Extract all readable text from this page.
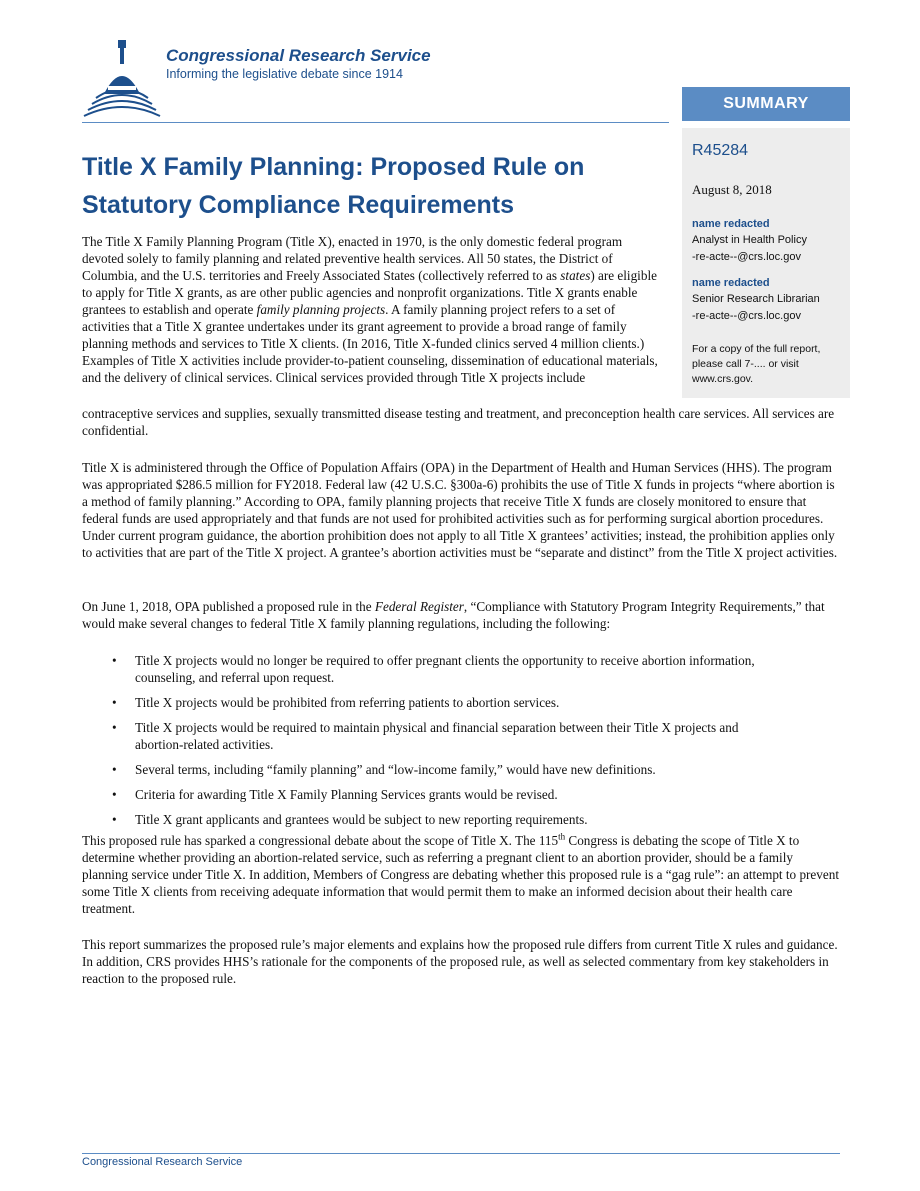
Congressional Research Service
Informing the legislative debate since 1914
SUMMARY
R45284
August 8, 2018
name redacted
Analyst in Health Policy
-re-acte--@crs.loc.gov
name redacted
Senior Research Librarian
-re-acte--@crs.loc.gov
For a copy of the full report, please call 7-.... or visit www.crs.gov.
Title X Family Planning: Proposed Rule on Statutory Compliance Requirements
The Title X Family Planning Program (Title X), enacted in 1970, is the only domestic federal program devoted solely to family planning and related preventive health services. All 50 states, the District of Columbia, and the U.S. territories and Freely Associated States (collectively referred to as states) are eligible to apply for Title X grants, as are other public agencies and nonprofit organizations. Title X grants enable grantees to establish and operate family planning projects. A family planning project refers to a set of activities that a Title X grantee undertakes under its grant agreement to provide a broad range of family planning methods and services to Title X clients. (In 2016, Title X-funded clinics served 4 million clients.) Examples of Title X activities include provider-to-patient counseling, dissemination of educational materials, and the delivery of clinical services. Clinical services provided through Title X projects include
contraceptive services and supplies, sexually transmitted disease testing and treatment, and preconception health care services. All services are confidential.
Title X is administered through the Office of Population Affairs (OPA) in the Department of Health and Human Services (HHS). The program was appropriated $286.5 million for FY2018. Federal law (42 U.S.C. §300a-6) prohibits the use of Title X funds in projects “where abortion is a method of family planning.” According to OPA, family planning projects that receive Title X funds are closely monitored to ensure that federal funds are used appropriately and that funds are not used for prohibited activities such as for performing surgical abortion procedures. Under current program guidance, the abortion prohibition does not apply to all Title X grantees’ activities; instead, the prohibition applies only to activities that are part of the Title X project. A grantee’s abortion activities must be “separate and distinct” from the Title X project activities.
On June 1, 2018, OPA published a proposed rule in the Federal Register, “Compliance with Statutory Program Integrity Requirements,” that would make several changes to federal Title X family planning regulations, including the following:
• Title X projects would no longer be required to offer pregnant clients the opportunity to receive abortion information, counseling, and referral upon request.
• Title X projects would be prohibited from referring patients to abortion services.
• Title X projects would be required to maintain physical and financial separation between their Title X projects and abortion-related activities.
• Several terms, including “family planning” and “low-income family,” would have new definitions.
• Criteria for awarding Title X Family Planning Services grants would be revised.
• Title X grant applicants and grantees would be subject to new reporting requirements.
This proposed rule has sparked a congressional debate about the scope of Title X. The 115th Congress is debating the scope of Title X to determine whether providing an abortion-related service, such as referring a pregnant client to an abortion provider, should be a family planning service under Title X. In addition, Members of Congress are debating whether this proposed rule is a “gag rule”: an attempt to prevent some Title X clients from receiving adequate information that would permit them to make an informed decision about their health care treatment.
This report summarizes the proposed rule’s major elements and explains how the proposed rule differs from current Title X rules and guidance. In addition, CRS provides HHS’s rationale for the components of the proposed rule, as well as selected commentary from key stakeholders in reaction to the proposed rule.
Congressional Research Service
